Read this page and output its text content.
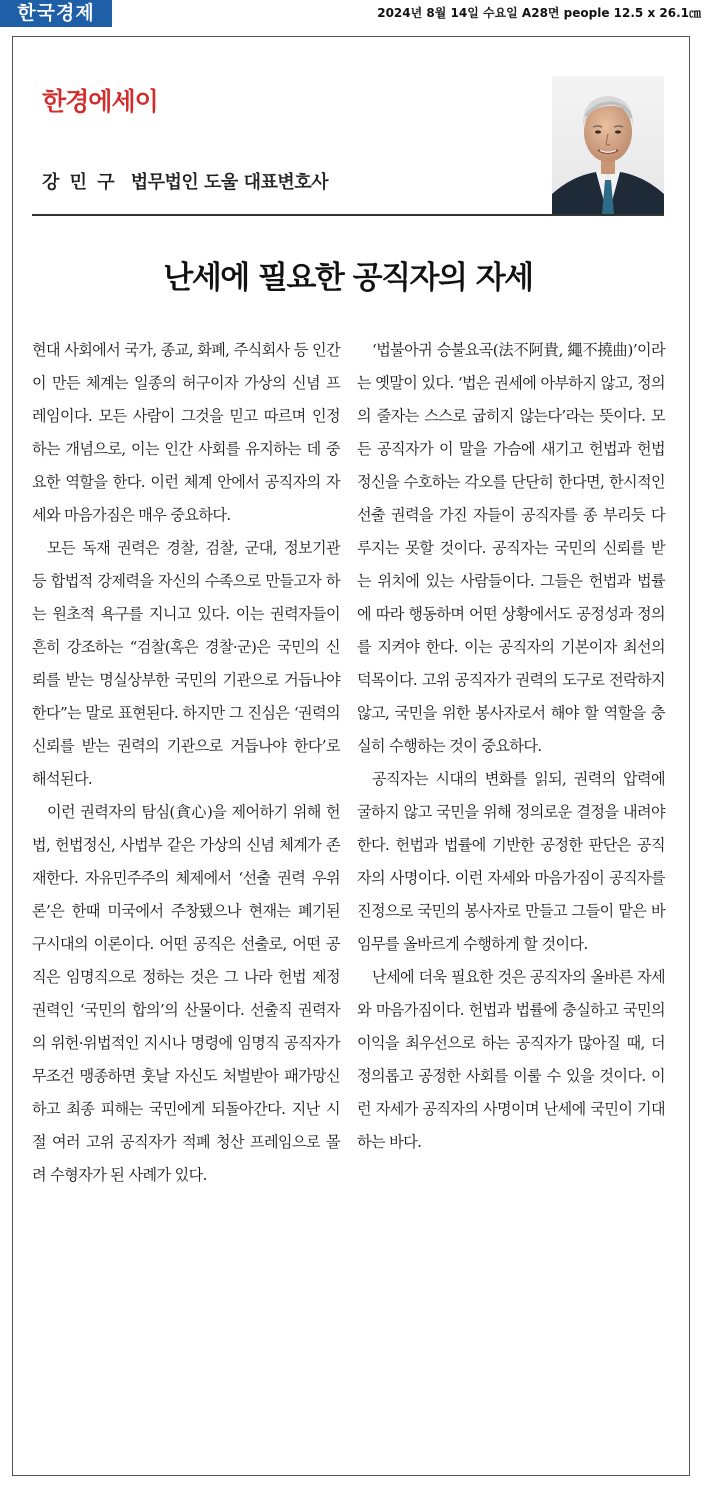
한국경제	2024년 8월 14일 수요일 A28면 people 12.5 x 26.1㎝
한경에세이
강 민 구 법무법인 도울 대표변호사
난세에 필요한 공직자의 자세

현대 사회에서 국가, 종교, 화폐, 주식회사 등 인간이 만든 체계는 일종의 허구이자 가상의 신념 프레임이다. 모든 사람이 그것을 믿고 따르며 인정하는 개념으로, 이는 인간 사회를 유지하는 데 중요한 역할을 한다. 이런 체계 안에서 공직자의 자세와 마음가짐은 매우 중요하다.

모든 독재 권력은 경찰, 검찰, 군대, 정보기관 등 합법적 강제력을 자신의 수족으로 만들고자 하는 원초적 욕구를 지니고 있다. 이는 권력자들이 흔히 강조하는 “검찰(혹은 경찰·군)은 국민의 신뢰를 받는 명실상부한 국민의 기관으로 거듭나야 한다”는 말로 표현된다. 하지만 그 진심은 ‘권력의 신뢰를 받는 권력의 기관으로 거듭나야 한다’로 해석된다.

이런 권력자의 탐심(貪心)을 제어하기 위해 헌법, 헌법정신, 사법부 같은 가상의 신념 체계가 존재한다. 자유민주주의 체제에서 ‘선출 권력 우위론’은 한때 미국에서 주창됐으나 현재는 폐기된 구시대의 이론이다. 어떤 공직은 선출로, 어떤 공직은 임명직으로 정하는 것은 그 나라 헌법 제정권력인 ‘국민의 합의’의 산물이다. 선출직 권력자의 위헌·위법적인 지시나 명령에 임명직 공직자가 무조건 맹종하면 훗날 자신도 처벌받아 패가망신하고 최종 피해는 국민에게 되돌아간다. 지난 시절 여러 고위 공직자가 적폐 청산 프레임으로 몰려 수형자가 된 사례가 있다.

‘법불아귀 승불요곡(法不阿貴, 繩不撓曲)’이라는 옛말이 있다. ‘법은 권세에 아부하지 않고, 정의의 줄자는 스스로 굽히지 않는다’라는 뜻이다. 모든 공직자가 이 말을 가슴에 새기고 헌법과 헌법정신을 수호하는 각오를 단단히 한다면, 한시적인 선출 권력을 가진 자들이 공직자를 종 부리듯 다루지는 못할 것이다. 공직자는 국민의 신뢰를 받는 위치에 있는 사람들이다. 그들은 헌법과 법률에 따라 행동하며 어떤 상황에서도 공정성과 정의를 지켜야 한다. 이는 공직자의 기본이자 최선의 덕목이다. 고위 공직자가 권력의 도구로 전락하지 않고, 국민을 위한 봉사자로서 해야 할 역할을 충실히 수행하는 것이 중요하다.

공직자는 시대의 변화를 읽되, 권력의 압력에 굴하지 않고 국민을 위해 정의로운 결정을 내려야 한다. 헌법과 법률에 기반한 공정한 판단은 공직자의 사명이다. 이런 자세와 마음가짐이 공직자를 진정으로 국민의 봉사자로 만들고 그들이 맡은 바 임무를 올바르게 수행하게 할 것이다.

난세에 더욱 필요한 것은 공직자의 올바른 자세와 마음가짐이다. 헌법과 법률에 충실하고 국민의 이익을 최우선으로 하는 공직자가 많아질 때, 더 정의롭고 공정한 사회를 이룰 수 있을 것이다. 이런 자세가 공직자의 사명이며 난세에 국민이 기대하는 바다.
